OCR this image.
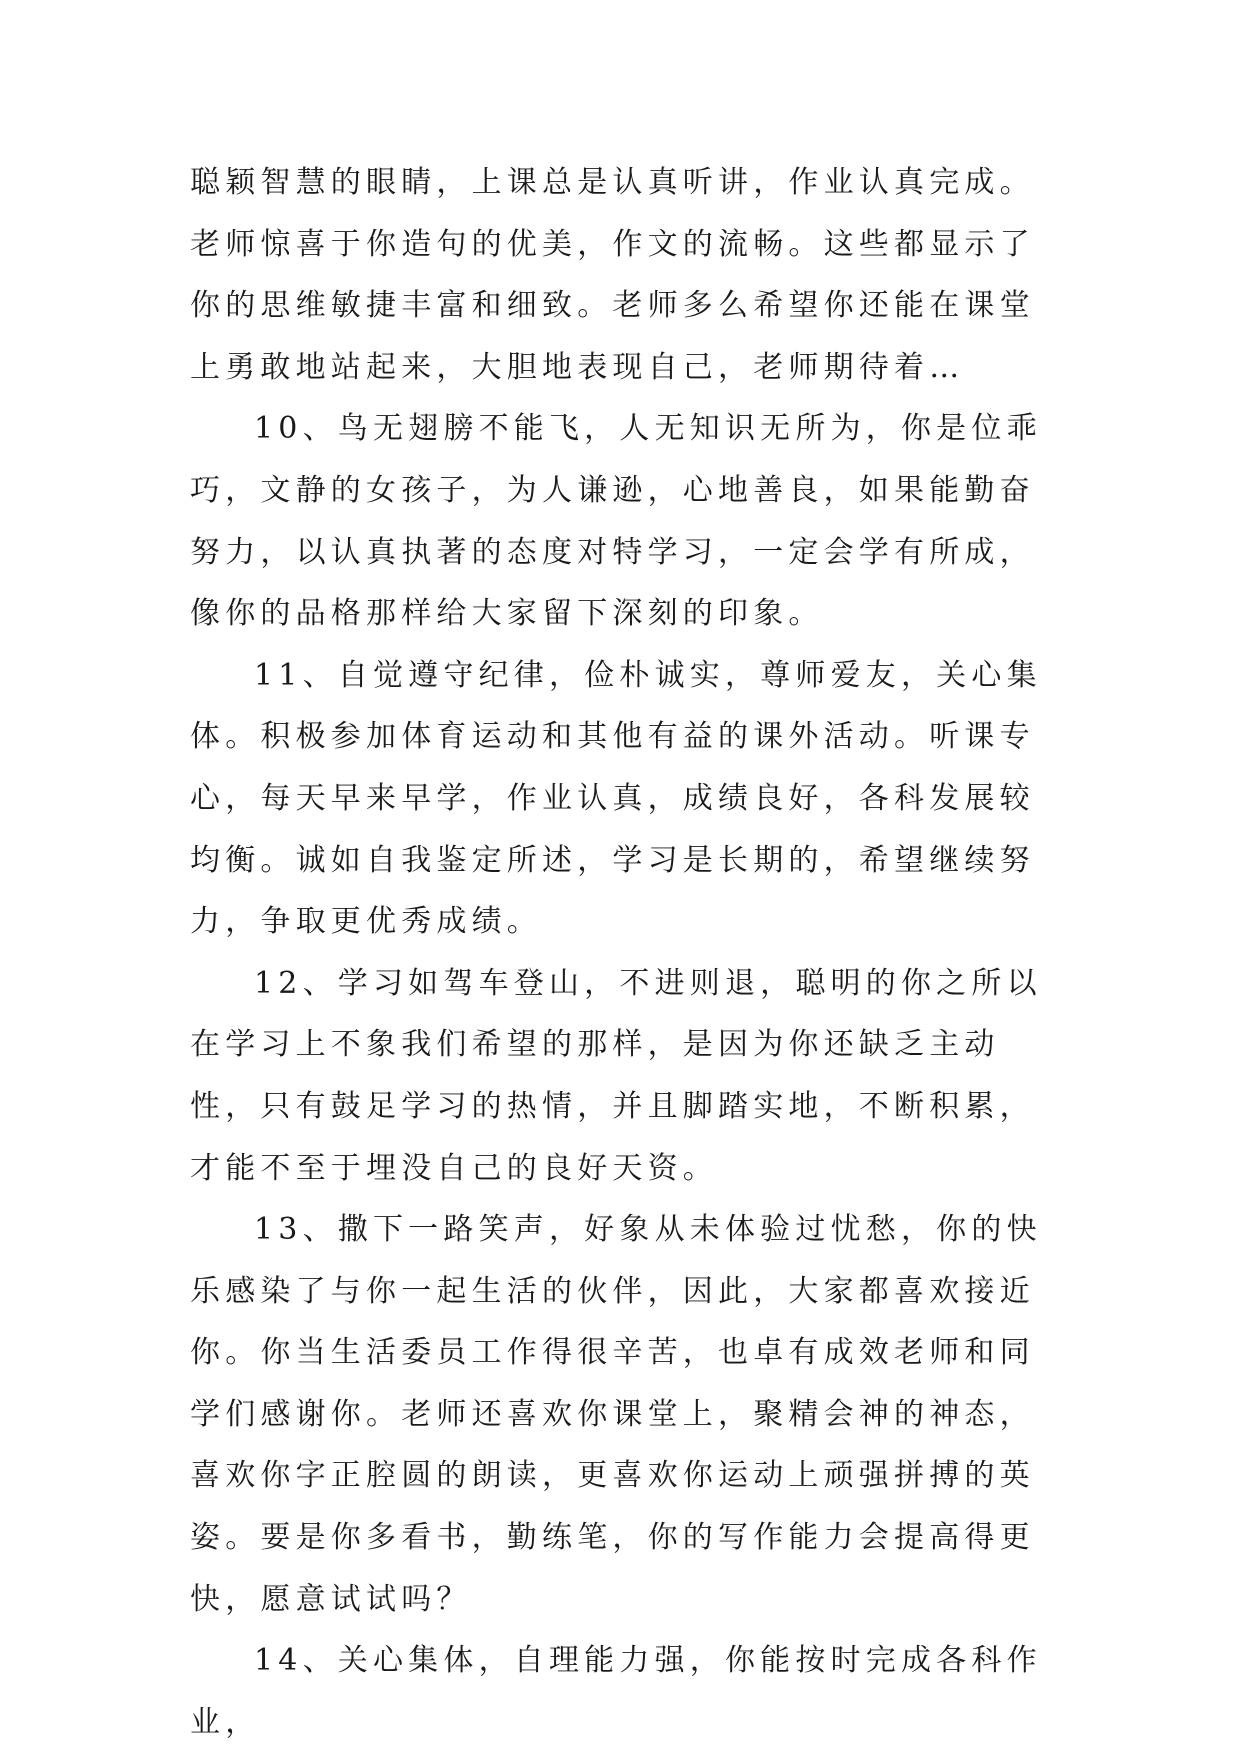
聪颖智慧的眼睛，上课总是认真听讲，作业认真完成。老师惊喜于你造句的优美，作文的流畅。这些都显示了你的思维敏捷丰富和细致。老师多么希望你还能在课堂上勇敢地站起来，大胆地表现自己，老师期待着…

10、鸟无翅膀不能飞，人无知识无所为，你是位乖巧，文静的女孩子，为人谦逊，心地善良，如果能勤奋努力，以认真执著的态度对特学习，一定会学有所成，像你的品格那样给大家留下深刻的印象。

11、自觉遵守纪律，俭朴诚实，尊师爱友，关心集体。积极参加体育运动和其他有益的课外活动。听课专心，每天早来早学，作业认真，成绩良好，各科发展较均衡。诚如自我鉴定所述，学习是长期的，希望继续努力，争取更优秀成绩。

12、学习如驾车登山，不进则退，聪明的你之所以在学习上不象我们希望的那样，是因为你还缺乏主动性，只有鼓足学习的热情，并且脚踏实地，不断积累，才能不至于埋没自己的良好天资。

13、撒下一路笑声，好象从未体验过忧愁，你的快乐感染了与你一起生活的伙伴，因此，大家都喜欢接近你。你当生活委员工作得很辛苦，也卓有成效老师和同学们感谢你。老师还喜欢你课堂上，聚精会神的神态，喜欢你字正腔圆的朗读，更喜欢你运动上顽强拼搏的英姿。要是你多看书，勤练笔，你的写作能力会提高得更快，愿意试试吗？

14、关心集体，自理能力强，你能按时完成各科作业，
